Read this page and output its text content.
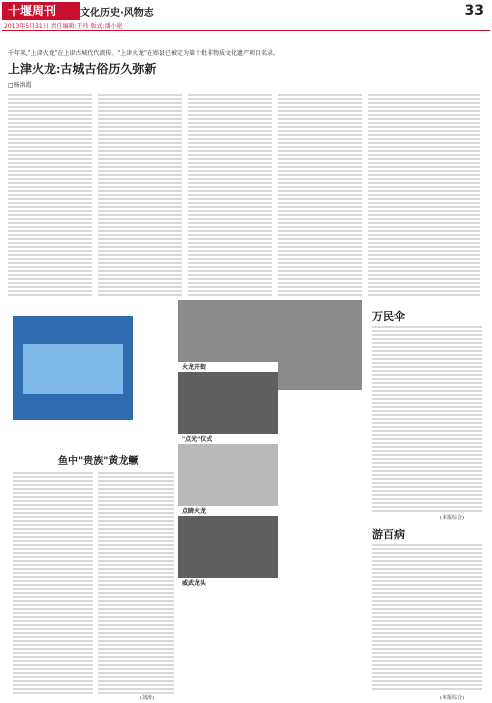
十堰周刊	文化历史·风物志	33
2013年5月31日 责任编辑:王玮 版式:潘小艳
千年来,"上津火龙"在上津古城代代流传。"上津火龙"在郧县已被定为第十批非物质文化遗产项目名录。
上津火龙:古城古俗历久弥新
□杨洪霞
火龙开街
"点光"仪式
点睛火龙
威武龙头
万民伞
(本报综合)
游百病
(本报综合)
鱼中"贵族"黄龙鳜
(刘涛)
